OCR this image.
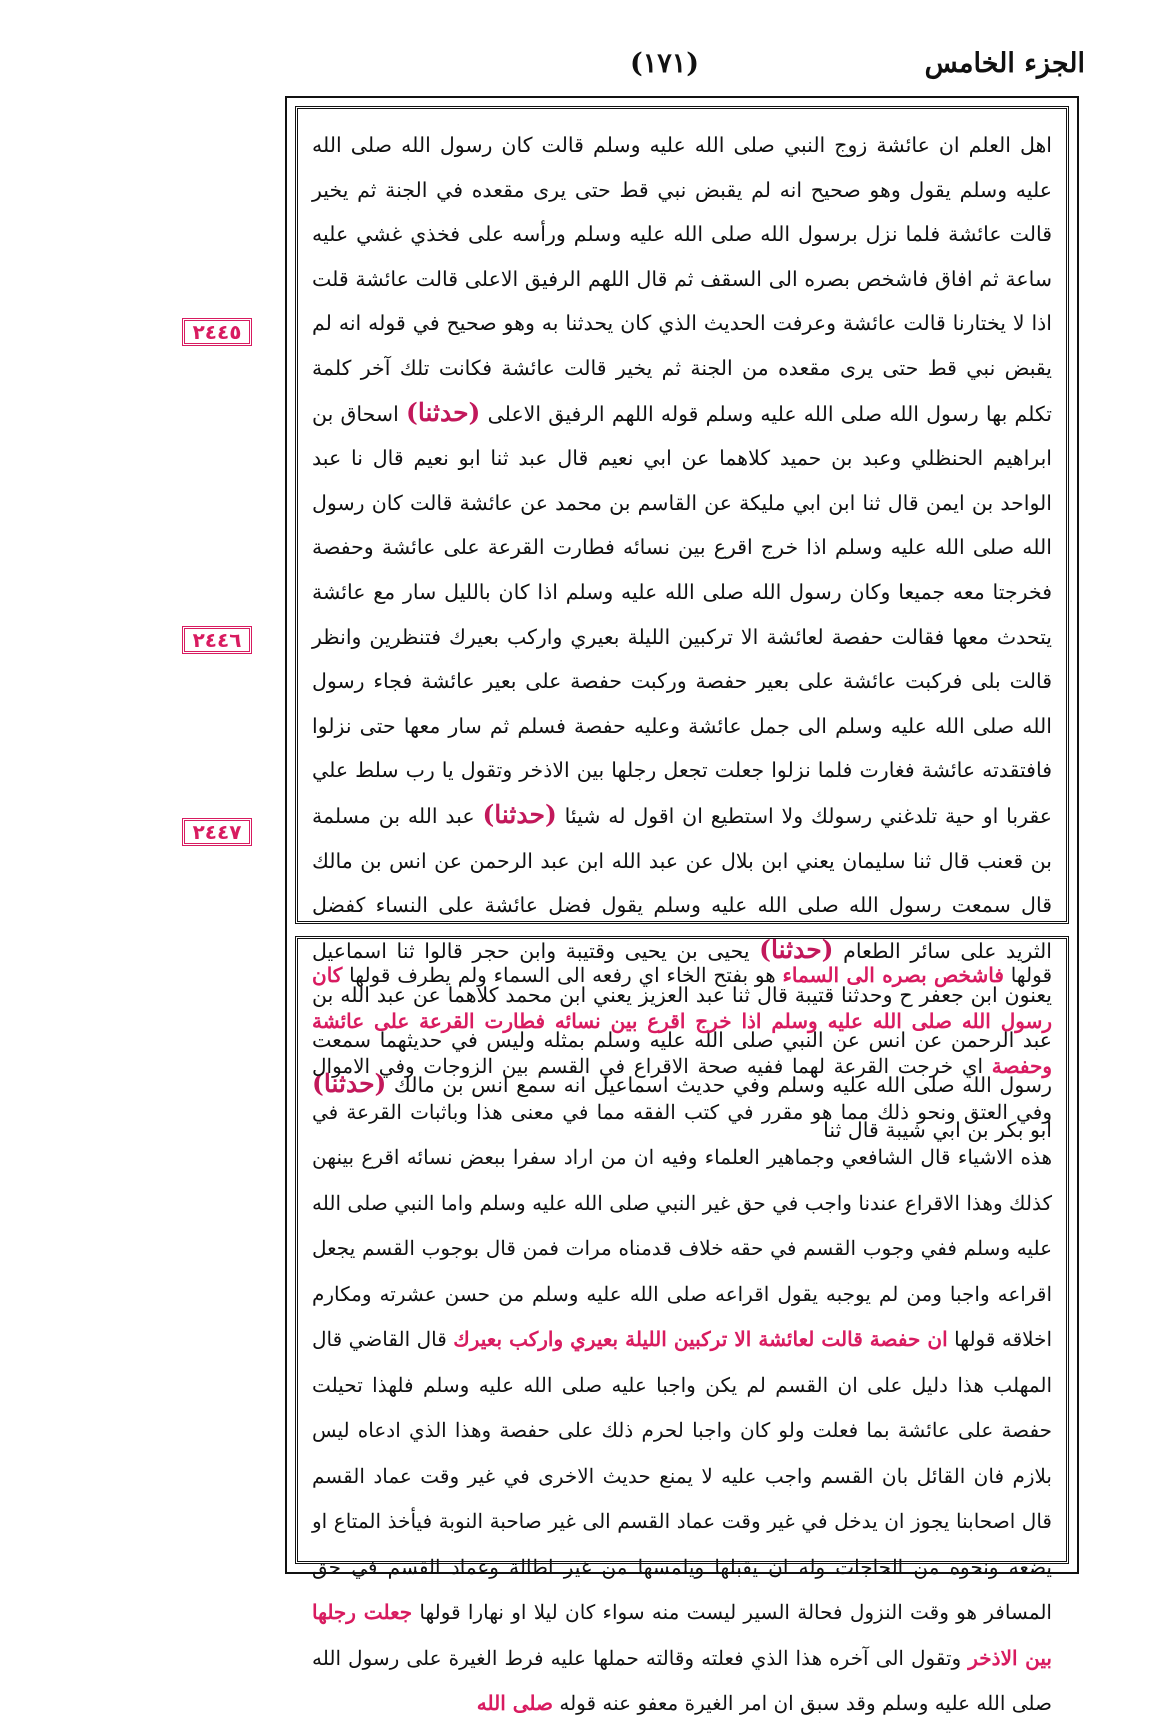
الجزء الخامس
(١٧١)
٢٤٤٥
٢٤٤٦
٢٤٤٧

اهل العلم ان عائشة زوج النبي صلى الله عليه وسلم قالت كان رسول الله صلى الله عليه وسلم يقول وهو صحيح انه لم يقبض نبي قط حتى يرى مقعده في الجنة ثم يخير قالت عائشة فلما نزل برسول الله صلى الله عليه وسلم ورأسه على فخذي غشي عليه ساعة ثم افاق فاشخص بصره الى السقف ثم قال اللهم الرفيق الاعلى قالت عائشة قلت اذا لا يختارنا قالت عائشة وعرفت الحديث الذي كان يحدثنا به وهو صحيح في قوله انه لم يقبض نبي قط حتى يرى مقعده من الجنة ثم يخير قالت عائشة فكانت تلك آخر كلمة تكلم بها رسول الله صلى الله عليه وسلم قوله اللهم الرفيق الاعلى (حدثنا) اسحاق بن ابراهيم الحنظلي وعبد بن حميد كلاهما عن ابي نعيم قال عبد ثنا ابو نعيم قال نا عبد الواحد بن ايمن قال ثنا ابن ابي مليكة عن القاسم بن محمد عن عائشة قالت كان رسول الله صلى الله عليه وسلم اذا خرج اقرع بين نسائه فطارت القرعة على عائشة وحفصة فخرجتا معه جميعا وكان رسول الله صلى الله عليه وسلم اذا كان بالليل سار مع عائشة يتحدث معها فقالت حفصة لعائشة الا تركبين الليلة بعيري واركب بعيرك فتنظرين وانظر قالت بلى فركبت عائشة على بعير حفصة وركبت حفصة على بعير عائشة فجاء رسول الله صلى الله عليه وسلم الى جمل عائشة وعليه حفصة فسلم ثم سار معها حتى نزلوا فافتقدته عائشة فغارت فلما نزلوا جعلت تجعل رجلها بين الاذخر وتقول يا رب سلط علي عقربا او حية تلدغني رسولك ولا استطيع ان اقول له شيئا (حدثنا) عبد الله بن مسلمة بن قعنب قال ثنا سليمان يعني ابن بلال عن عبد الله ابن عبد الرحمن عن انس بن مالك قال سمعت رسول الله صلى الله عليه وسلم يقول فضل عائشة على النساء كفضل الثريد على سائر الطعام (حدثنا) يحيى بن يحيى وقتيبة وابن حجر قالوا ثنا اسماعيل يعنون ابن جعفر ح وحدثنا قتيبة قال ثنا عبد العزيز يعني ابن محمد كلاهما عن عبد الله بن عبد الرحمن عن انس عن النبي صلى الله عليه وسلم بمثله وليس في حديثهما سمعت رسول الله صلى الله عليه وسلم وفي حديث اسماعيل انه سمع انس بن مالك (حدثنا) ابو بكر بن ابي شيبة قال ثنا

قولها فاشخص بصره الى السماء هو بفتح الخاء اي رفعه الى السماء ولم يطرف قولها كان رسول الله صلى الله عليه وسلم اذا خرج اقرع بين نسائه فطارت القرعة على عائشة وحفصة اي خرجت القرعة لهما ففيه صحة الاقراع في القسم بين الزوجات وفي الاموال وفي العتق ونحو ذلك مما هو مقرر في كتب الفقه مما في معنى هذا وباثبات القرعة في هذه الاشياء قال الشافعي وجماهير العلماء وفيه ان من اراد سفرا ببعض نسائه اقرع بينهن كذلك وهذا الاقراع عندنا واجب في حق غير النبي صلى الله عليه وسلم واما النبي صلى الله عليه وسلم ففي وجوب القسم في حقه خلاف قدمناه مرات فمن قال بوجوب القسم يجعل اقراعه واجبا ومن لم يوجبه يقول اقراعه صلى الله عليه وسلم من حسن عشرته ومكارم اخلاقه قولها ان حفصة قالت لعائشة الا تركبين الليلة بعيري واركب بعيرك قال القاضي قال المهلب هذا دليل على ان القسم لم يكن واجبا عليه صلى الله عليه وسلم فلهذا تحيلت حفصة على عائشة بما فعلت ولو كان واجبا لحرم ذلك على حفصة وهذا الذي ادعاه ليس بلازم فان القائل بان القسم واجب عليه لا يمنع حديث الاخرى في غير وقت عماد القسم قال اصحابنا يجوز ان يدخل في غير وقت عماد القسم الى غير صاحبة النوبة فيأخذ المتاع او يضعه ونحوه من الحاجات وله ان يقبلها ويلمسها من غير اطالة وعماد القسم في حق المسافر هو وقت النزول فحالة السير ليست منه سواء كان ليلا او نهارا قولها جعلت رجلها بين الاذخر وتقول الى آخره هذا الذي فعلته وقالته حملها عليه فرط الغيرة على رسول الله صلى الله عليه وسلم وقد سبق ان امر الغيرة معفو عنه قوله صلى الله
